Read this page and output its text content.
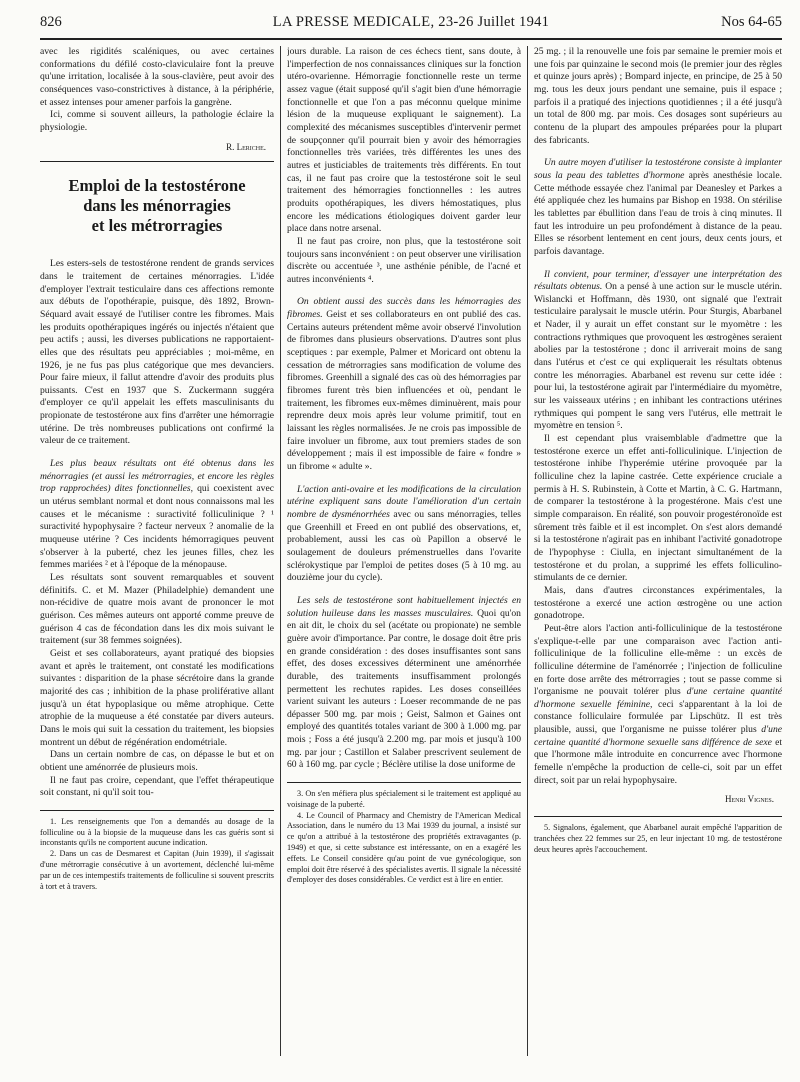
826	LA PRESSE MEDICALE, 23-26 Juillet 1941	Nos 64-65

avec les rigidités scaléniques, ou avec certaines conformations du défilé costo-claviculaire font la preuve qu'une irritation, localisée à la sous-clavière, peut avoir des conséquences vaso-constrictives à distance, à la périphérie, et assez intenses pour amener parfois la gangrène.

Ici, comme si souvent ailleurs, la pathologie éclaire la physiologie.

R. Leriche.
Emploi de la testostérone
dans les ménorragies
et les métrorragies

Les esters-sels de testostérone rendent de grands services dans le traitement de certaines ménorragies. L'idée d'employer l'extrait testiculaire dans ces affections remonte aux débuts de l'opothérapie, puisque, dès 1892, Brown-Séquard avait essayé de l'utiliser contre les fibromes. Mais les produits opothérapiques ingérés ou injectés n'étaient que peu actifs ; aussi, les diverses publications ne rapportaient-elles que des résultats peu appréciables ; moi-même, en 1926, je ne fus pas plus catégorique que mes devanciers. Pour faire mieux, il fallut attendre d'avoir des produits plus puissants. C'est en 1937 que S. Zuckermann suggéra d'employer ce qu'il appelait les effets masculinisants du propionate de testostérone aux fins d'arrêter une hémorragie utérine. De très nombreuses publications ont confirmé la valeur de ce traitement.

Les plus beaux résultats ont été obtenus dans les ménorragies (et aussi les métrorragies, et encore les règles trop rapprochées) dites fonctionnelles, qui coexistent avec un utérus semblant normal et dont nous connaissons mal les causes et le mécanisme : suractivité folliculinique ? ¹ suractivité hypophysaire ? facteur nerveux ? anomalie de la muqueuse utérine ? Ces incidents hémorragiques peuvent s'observer à la puberté, chez les jeunes filles, chez les femmes mariées ² et à l'époque de la ménopause.

Les résultats sont souvent remarquables et souvent définitifs. C. et M. Mazer (Philadelphie) demandent une non-récidive de quatre mois avant de prononcer le mot guérison. Ces mêmes auteurs ont apporté comme preuve de guérison 4 cas de fécondation dans les dix mois suivant le traitement (sur 38 femmes soignées).

Geist et ses collaborateurs, ayant pratiqué des biopsies avant et après le traitement, ont constaté les modifications suivantes : disparition de la phase sécrétoire dans la grande majorité des cas ; inhibition de la phase proliférative allant jusqu'à un état hypoplasique ou même atrophique. Cette atrophie de la muqueuse a été constatée par divers auteurs. Dans le mois qui suit la cessation du traitement, les biopsies montrent un début de régénération endométriale.

Dans un certain nombre de cas, on dépasse le but et on obtient une aménorrée de plusieurs mois.

Il ne faut pas croire, cependant, que l'effet thérapeutique soit constant, ni qu'il soit tou-

1. Les renseignements que l'on a demandés au dosage de la folliculine ou à la biopsie de la muqueuse dans les cas guéris sont si inconstants qu'ils ne comportent aucune indication.

2. Dans un cas de Desmarest et Capitan (Juin 1939), il s'agissait d'une métrorragie consécutive à un avortement, déclenché lui-même par un de ces intempestifs traitements de folliculine si souvent prescrits à tort et à travers.

jours durable. La raison de ces échecs tient, sans doute, à l'imperfection de nos connaissances cliniques sur la fonction utéro-ovarienne. Hémorragie fonctionnelle reste un terme assez vague (était supposé qu'il s'agit bien d'une hémorragie fonctionnelle et que l'on a pas méconnu quelque minime lésion de la muqueuse expliquant le saignement). La complexité des mécanismes susceptibles d'intervenir permet de soupçonner qu'il pourrait bien y avoir des hémorragies fonctionnelles très variées, très différentes les unes des autres et justiciables de traitements très différents. En tout cas, il ne faut pas croire que la testostérone soit le seul traitement des hémorragies fonctionnelles : les autres produits opothérapiques, les divers hémostatiques, plus encore les médications étiologiques doivent garder leur place dans notre arsenal.

Il ne faut pas croire, non plus, que la testostérone soit toujours sans inconvénient : on peut observer une virilisation discrète ou accentuée ³, une asthénie pénible, de l'acné et autres inconvénients ⁴.

On obtient aussi des succès dans les hémorragies des fibromes. Geist et ses collaborateurs en ont publié des cas. Certains auteurs prétendent même avoir observé l'involution de fibromes dans plusieurs observations. D'autres sont plus sceptiques : par exemple, Palmer et Moricard ont obtenu la cessation de métrorragies sans modification de volume des fibromes. Greenhill a signalé des cas où des hémorragies par fibromes furent très bien influencées et où, pendant le traitement, les fibromes eux-mêmes diminuèrent, mais pour reprendre deux mois après leur volume primitif, tout en laissant les règles normalisées. Je ne crois pas impossible de faire involuer un fibrome, aux tout premiers stades de son développement ; mais il est impossible de faire « fondre » un fibrome « adulte ».

L'action anti-ovaire et les modifications de la circulation utérine expliquent sans doute l'amélioration d'un certain nombre de dysménorrhées avec ou sans ménorragies, telles que Greenhill et Freed en ont publié des observations, et, probablement, aussi les cas où Papillon a observé le soulagement de douleurs prémenstruelles dans l'ovarite sclérokystique par l'emploi de petites doses (5 à 10 mg. au douzième jour du cycle).

Les sels de testostérone sont habituellement injectés en solution huileuse dans les masses musculaires. Quoi qu'on en ait dit, le choix du sel (acétate ou propionate) ne semble guère avoir d'importance. Par contre, le dosage doit être pris en grande considération : des doses insuffisantes sont sans effet, des doses excessives déterminent une aménorrhée durable, des traitements insuffisamment prolongés permettent les rechutes rapides. Les doses conseillées varient suivant les auteurs : Loeser recommande de ne pas dépasser 500 mg. par mois ; Geist, Salmon et Gaines ont employé des quantités totales variant de 300 à 1.000 mg. par mois ; Foss a été jusqu'à 2.200 mg. par mois et jusqu'à 100 mg. par jour ; Castillon et Salaber prescrivent seulement de 60 à 160 mg. par cycle ; Béclère utilise la dose uniforme de

3. On s'en méfiera plus spécialement si le traitement est appliqué au voisinage de la puberté.

4. Le Council of Pharmacy and Chemistry de l'American Medical Association, dans le numéro du 13 Mai 1939 du journal, a insisté sur ce qu'on a attribué à la testostérone des propriétés extravagantes (p. 1949) et que, si cette substance est intéressante, on en a exagéré les effets. Le Conseil considère qu'au point de vue gynécologique, son emploi doit être réservé à des spécialistes avertis. Il signale la nécessité d'employer des doses considérables. Ce verdict est à lire en entier.

25 mg. ; il la renouvelle une fois par semaine le premier mois et une fois par quinzaine le second mois (le premier jour des règles et quinze jours après) ; Bompard injecte, en principe, de 25 à 50 mg. tous les deux jours pendant une semaine, puis il espace ; parfois il a pratiqué des injections quotidiennes ; il a été jusqu'à un total de 800 mg. par mois. Ces dosages sont supérieurs au contenu de la plupart des ampoules préparées pour la plupart des fabricants.

Un autre moyen d'utiliser la testostérone consiste à implanter sous la peau des tablettes d'hormone après anesthésie locale. Cette méthode essayée chez l'animal par Deanesley et Parkes a été appliquée chez les humains par Bishop en 1938. On stérilise les tablettes par ébullition dans l'eau de trois à cinq minutes. Il faut les introduire un peu profondément à distance de la peau. Elles se résorbent lentement en cent jours, deux cents jours, et parfois davantage.

Il convient, pour terminer, d'essayer une interprétation des résultats obtenus. On a pensé à une action sur le muscle utérin. Wislancki et Hoffmann, dès 1930, ont signalé que l'extrait testiculaire paralysait le muscle utérin. Pour Sturgis, Abarbanel et Nader, il y aurait un effet constant sur le myomètre : les contractions rythmiques que provoquent les œstrogènes seraient abolies par la testostérone ; donc il arriverait moins de sang dans l'utérus et c'est ce qui expliquerait les résultats obtenus contre les ménorragies. Abarbanel est revenu sur cette idée : pour lui, la testostérone agirait par l'intermédiaire du myomètre, sur les vaisseaux utérins ; en inhibant les contractions utérines rythmiques qui pompent le sang vers l'utérus, elle mettrait le myomètre en tension ⁵.

Il est cependant plus vraisemblable d'admettre que la testostérone exerce un effet anti-folliculinique. L'injection de testostérone inhibe l'hyperémie utérine provoquée par la folliculine chez la lapine castrée. Cette expérience cruciale a permis à H. S. Rubinstein, à Cotte et Martin, à C. G. Hartmann, de comparer la testostérone à la progestérone. Mais c'est une simple comparaison. En réalité, son pouvoir progestéronoïde est sûrement très faible et il est incomplet. On s'est alors demandé si la testostérone n'agirait pas en inhibant l'activité gonadotrope de l'hypophyse : Ciulla, en injectant simultanément de la testostérone et du prolan, a supprimé les effets folliculino-stimulants de ce dernier.

Mais, dans d'autres circonstances expérimentales, la testostérone a exercé une action œstrogène ou une action gonadotrope.

Peut-être alors l'action anti-folliculinique de la testostérone s'explique-t-elle par une comparaison avec l'action anti-folliculinique de la folliculine elle-même : un excès de folliculine détermine de l'aménorrée ; l'injection de folliculine en forte dose arrête des métrorragies ; tout se passe comme si l'organisme ne pouvait tolérer plus d'une certaine quantité d'hormone sexuelle féminine, ceci s'apparentant à la loi de constance folliculaire formulée par Lipschütz. Il est très plausible, aussi, que l'organisme ne puisse tolérer plus d'une certaine quantité d'hormone sexuelle sans différence de sexe et que l'hormone mâle introduite en concurrence avec l'hormone femelle n'empêche la production de celle-ci, soit par un effet direct, soit par un relai hypophysaire.

Henri Vignes.

5. Signalons, également, que Abarbanel aurait empêché l'apparition de tranchées chez 22 femmes sur 25, en leur injectant 10 mg. de testostérone deux heures après l'accouchement.
